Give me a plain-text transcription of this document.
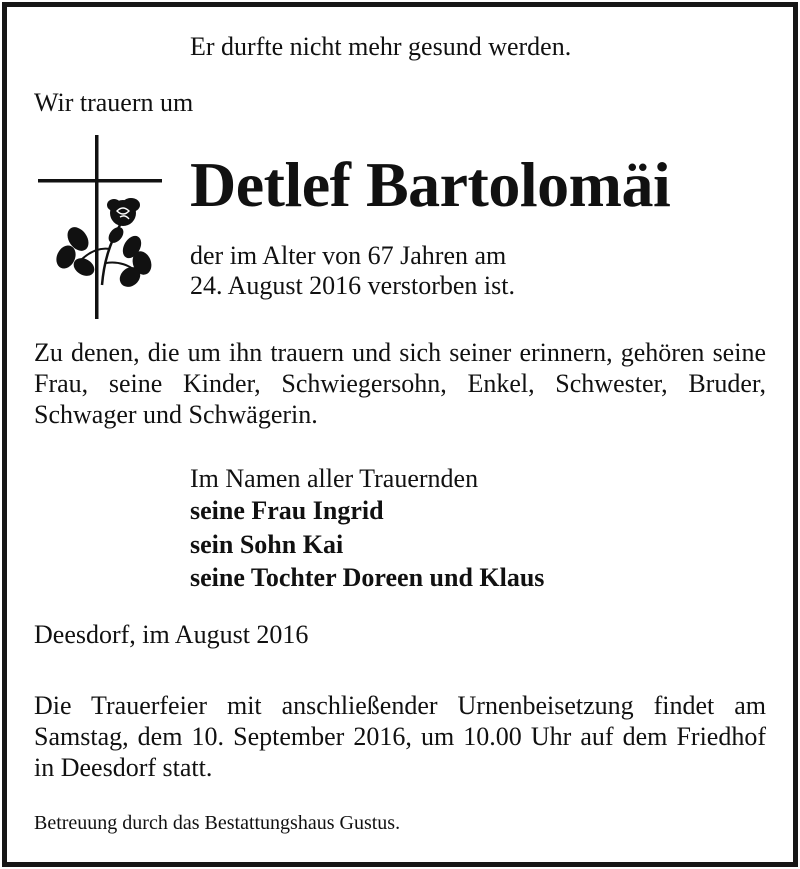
Er durfte nicht mehr gesund werden.
Wir trauern um
Detlef Bartolomäi
der im Alter von 67 Jahren am
24. August 2016 verstorben ist.

Zu denen, die um ihn trauern und sich seiner erinnern, gehören seine Frau, seine Kinder, Schwiegersohn, Enkel, Schwester, Bruder, Schwager und Schwägerin.

Im Namen aller Trauernden
seine Frau Ingrid
sein Sohn Kai
seine Tochter Doreen und Klaus
Deesdorf, im August 2016

Die Trauerfeier mit anschließender Urnenbeisetzung findet am Samstag, dem 10. September 2016, um 10.00 Uhr auf dem Friedhof in Deesdorf statt.

Betreuung durch das Bestattungshaus Gustus.
